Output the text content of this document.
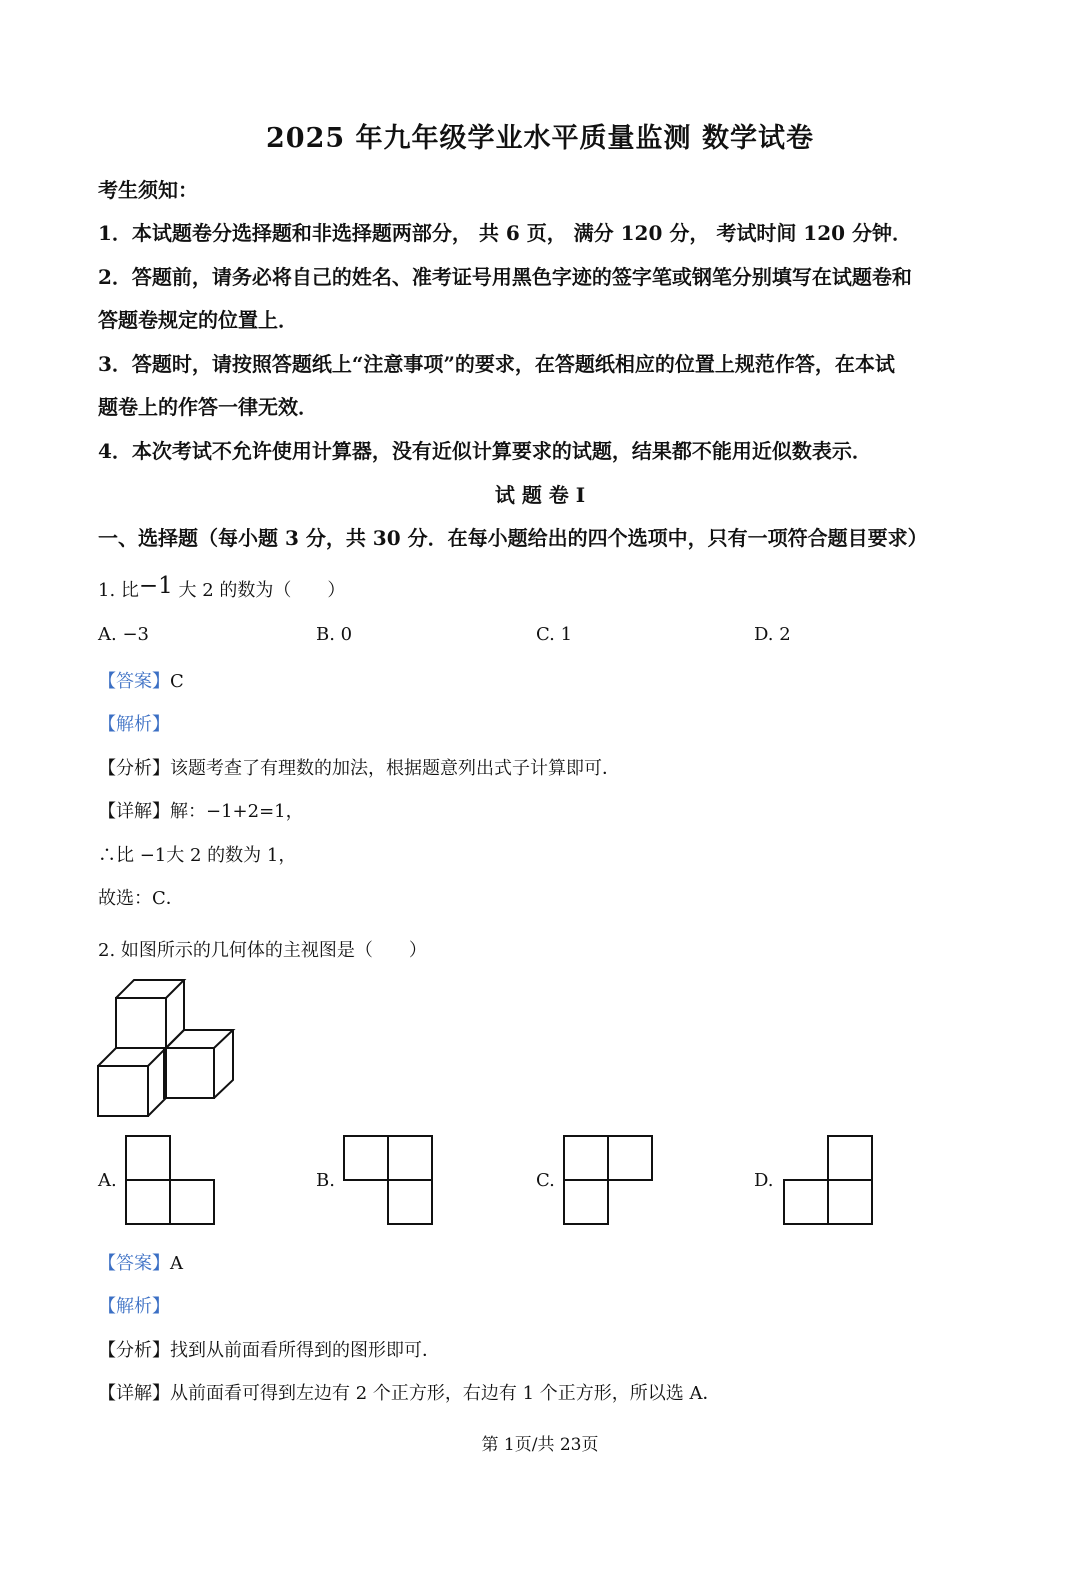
2025 年九年级学业水平质量监测 数学试卷
考生须知：
1．本试题卷分选择题和非选择题两部分， 共 6 页， 满分 120 分， 考试时间 120 分钟．
2．答题前，请务必将自己的姓名、准考证号用黑色字迹的签字笔或钢笔分别填写在试题卷和
答题卷规定的位置上．
3．答题时，请按照答题纸上“注意事项”的要求，在答题纸相应的位置上规范作答，在本试
题卷上的作答一律无效．
4．本次考试不允许使用计算器，没有近似计算要求的试题，结果都不能用近似数表示．
试 题 卷 I
一、选择题（每小题 3 分，共 30 分．在每小题给出的四个选项中，只有一项符合题目要求）
1. 比−1 大 2 的数为（　　）
A. −3	B. 0	C. 1	D. 2
【答案】C
【解析】
【分析】该题考查了有理数的加法，根据题意列出式子计算即可．
【详解】解：−1+2=1，
∴比 −1大 2 的数为 1，
故选：C．
2. 如图所示的几何体的主视图是（　　）
A.	B.	C.	D.
【答案】A
【解析】
【分析】找到从前面看所得到的图形即可．
【详解】从前面看可得到左边有 2 个正方形，右边有 1 个正方形，所以选 A．
第 1页/共 23页
